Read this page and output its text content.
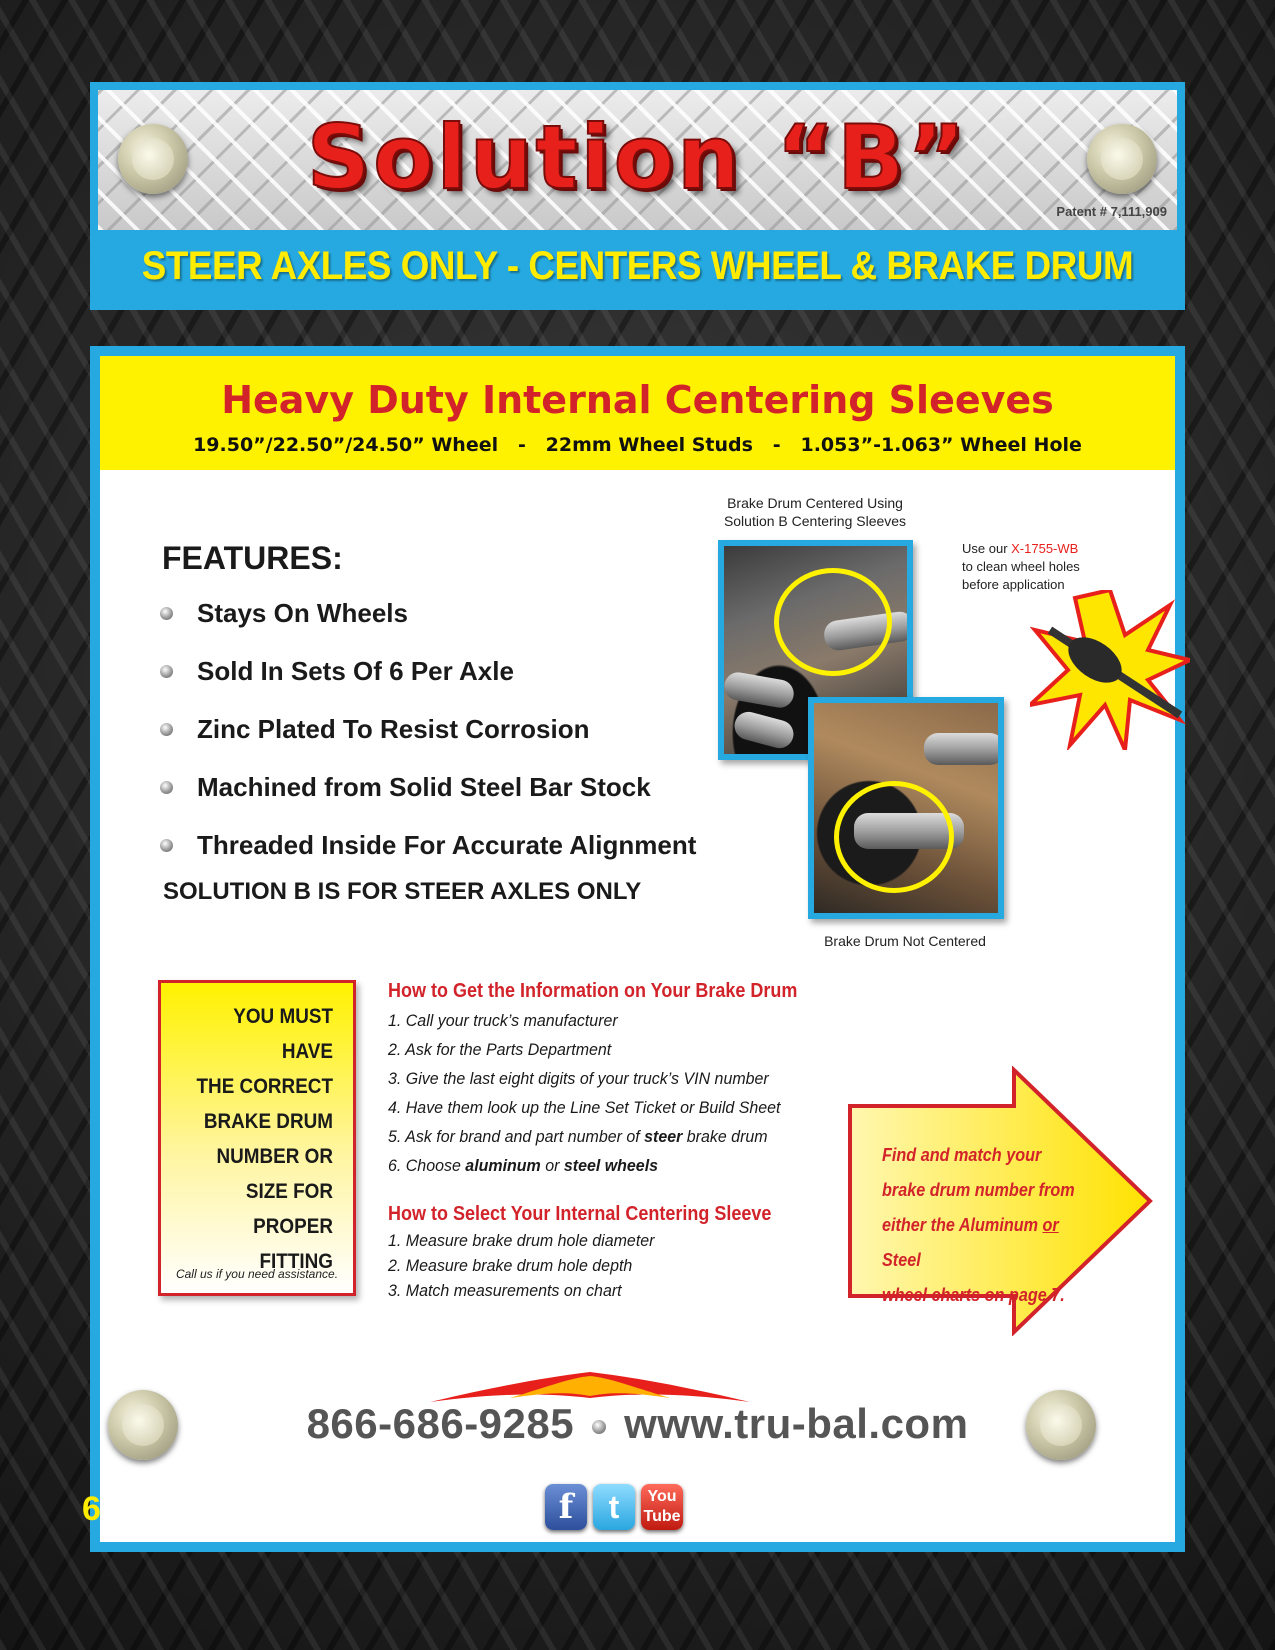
Solution “B”
Patent # 7,111,909
STEER AXLES ONLY - CENTERS WHEEL & BRAKE DRUM
Heavy Duty Internal Centering Sleeves
19.50”/22.50”/24.50” Wheel   -   22mm Wheel Studs   -   1.053”-1.063” Wheel Hole
FEATURES:
Stays On Wheels
Sold In Sets Of 6 Per Axle
Zinc Plated To Resist Corrosion
Machined from Solid Steel Bar Stock
Threaded Inside For Accurate Alignment
SOLUTION B IS FOR STEER AXLES ONLY
Brake Drum Centered Using
Solution B Centering Sleeves
Brake Drum Not Centered
Use our X-1755-WB
to clean wheel holes
before application
YOU MUST HAVE
THE CORRECT
BRAKE DRUM
NUMBER OR
SIZE FOR
PROPER
FITTING
Call us if you need assistance.
How to Get the Information on Your Brake Drum
1. Call your truck’s manufacturer
2. Ask for the Parts Department
3. Give the last eight digits of your truck’s VIN number
4. Have them look up the Line Set Ticket or Build Sheet
5. Ask for brand and part number of steer brake drum
6. Choose aluminum or steel wheels
How to Select Your Internal Centering Sleeve
1. Measure brake drum hole diameter
2. Measure brake drum hole depth
3. Match measurements on chart
Find and match your
brake drum number from
either the Aluminum or Steel
wheel charts on page 7.
866-686-9285 www.tru-bal.com
6	f	t	You
Tube
